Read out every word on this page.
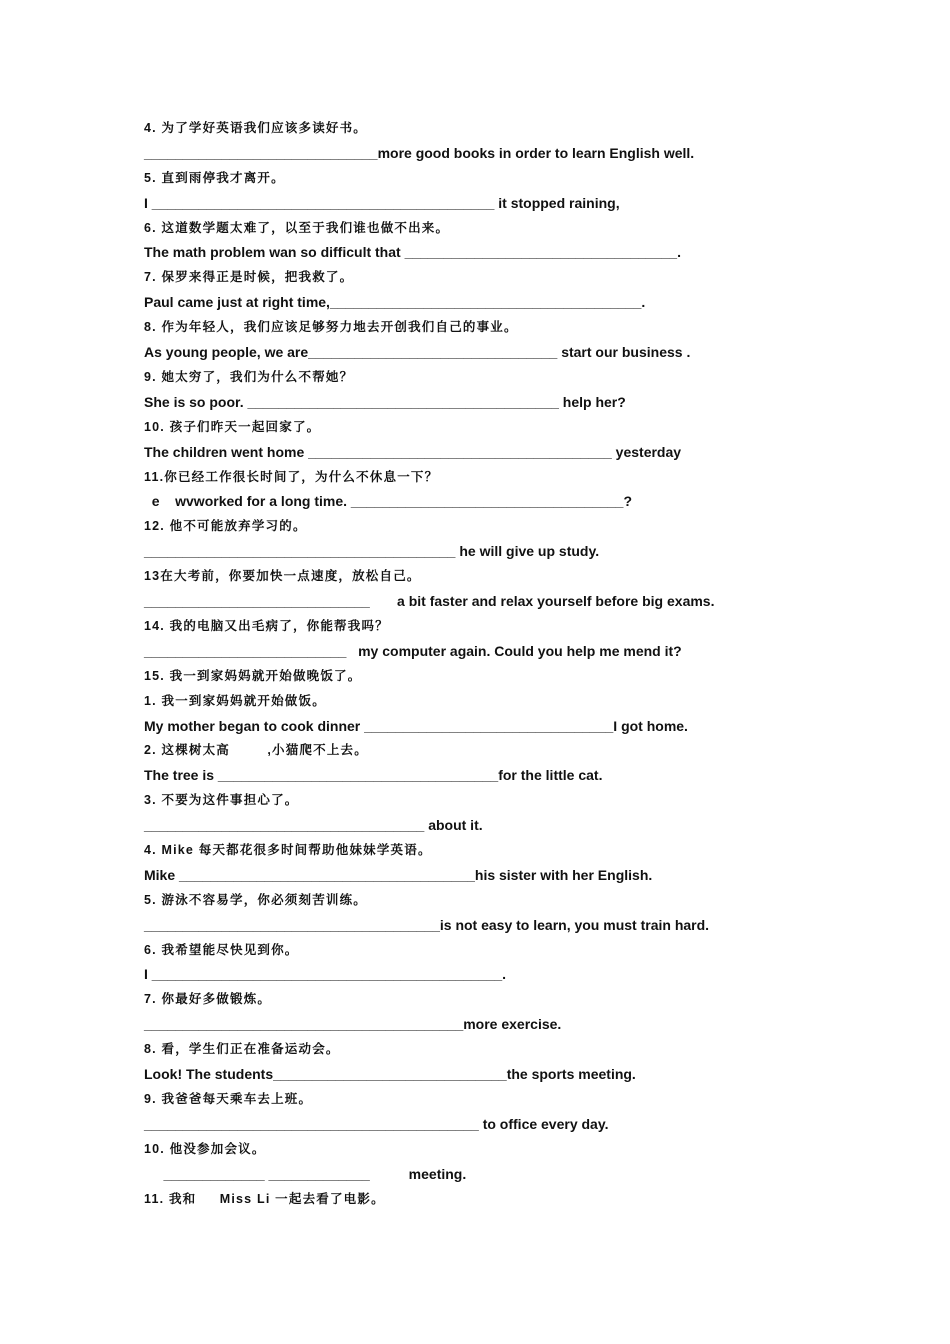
4. 为了学好英语我们应该多读好书。
______________________________more good books in order to learn English well.
5. 直到雨停我才离开。
I ____________________________________________ it stopped raining,
6. 这道数学题太难了，以至于我们谁也做不出来。
The math problem wan so difficult that ___________________________________.
7. 保罗来得正是时候，把我救了。
Paul came just at right time,________________________________________.
8. 作为年轻人，我们应该足够努力地去开创我们自己的事业。
As young people, we are________________________________ start our business .
9. 她太穷了，我们为什么不帮她？
She is so poor. ________________________________________ help her?
10. 孩子们昨天一起回家了。
The children went home _______________________________________ yesterday
11.你已经工作很长时间了，为什么不休息一下？
e    wvworked for a long time. ___________________________________?
12. 他不可能放弃学习的。
________________________________________ he will give up study.
13在大考前，你要加快一点速度，放松自己。
_____________________________       a bit faster and relax yourself before big exams.
14. 我的电脑又出毛病了，你能帮我吗？
__________________________   my computer again. Could you help me mend it?
15. 我一到家妈妈就开始做晚饭了。
1. 我一到家妈妈就开始做饭。
My mother began to cook dinner ________________________________I got home.
2. 这棵树太高        ,小猫爬不上去。
The tree is ____________________________________for the little cat.
3. 不要为这件事担心了。
____________________________________ about it.
4. Mike 每天都花很多时间帮助他妹妹学英语。
Mike ______________________________________his sister with her English.
5. 游泳不容易学，你必须刻苦训练。
______________________________________is not easy to learn, you must train hard.
6. 我希望能尽快见到你。
I _____________________________________________.
7. 你最好多做锻炼。
_________________________________________more exercise.
8. 看，学生们正在准备运动会。
Look! The students______________________________the sports meeting.
9. 我爸爸每天乘车去上班。
___________________________________________ to office every day.
10. 他没参加会议。
_____________ _____________          meeting.
11. 我和     Miss Li 一起去看了电影。
